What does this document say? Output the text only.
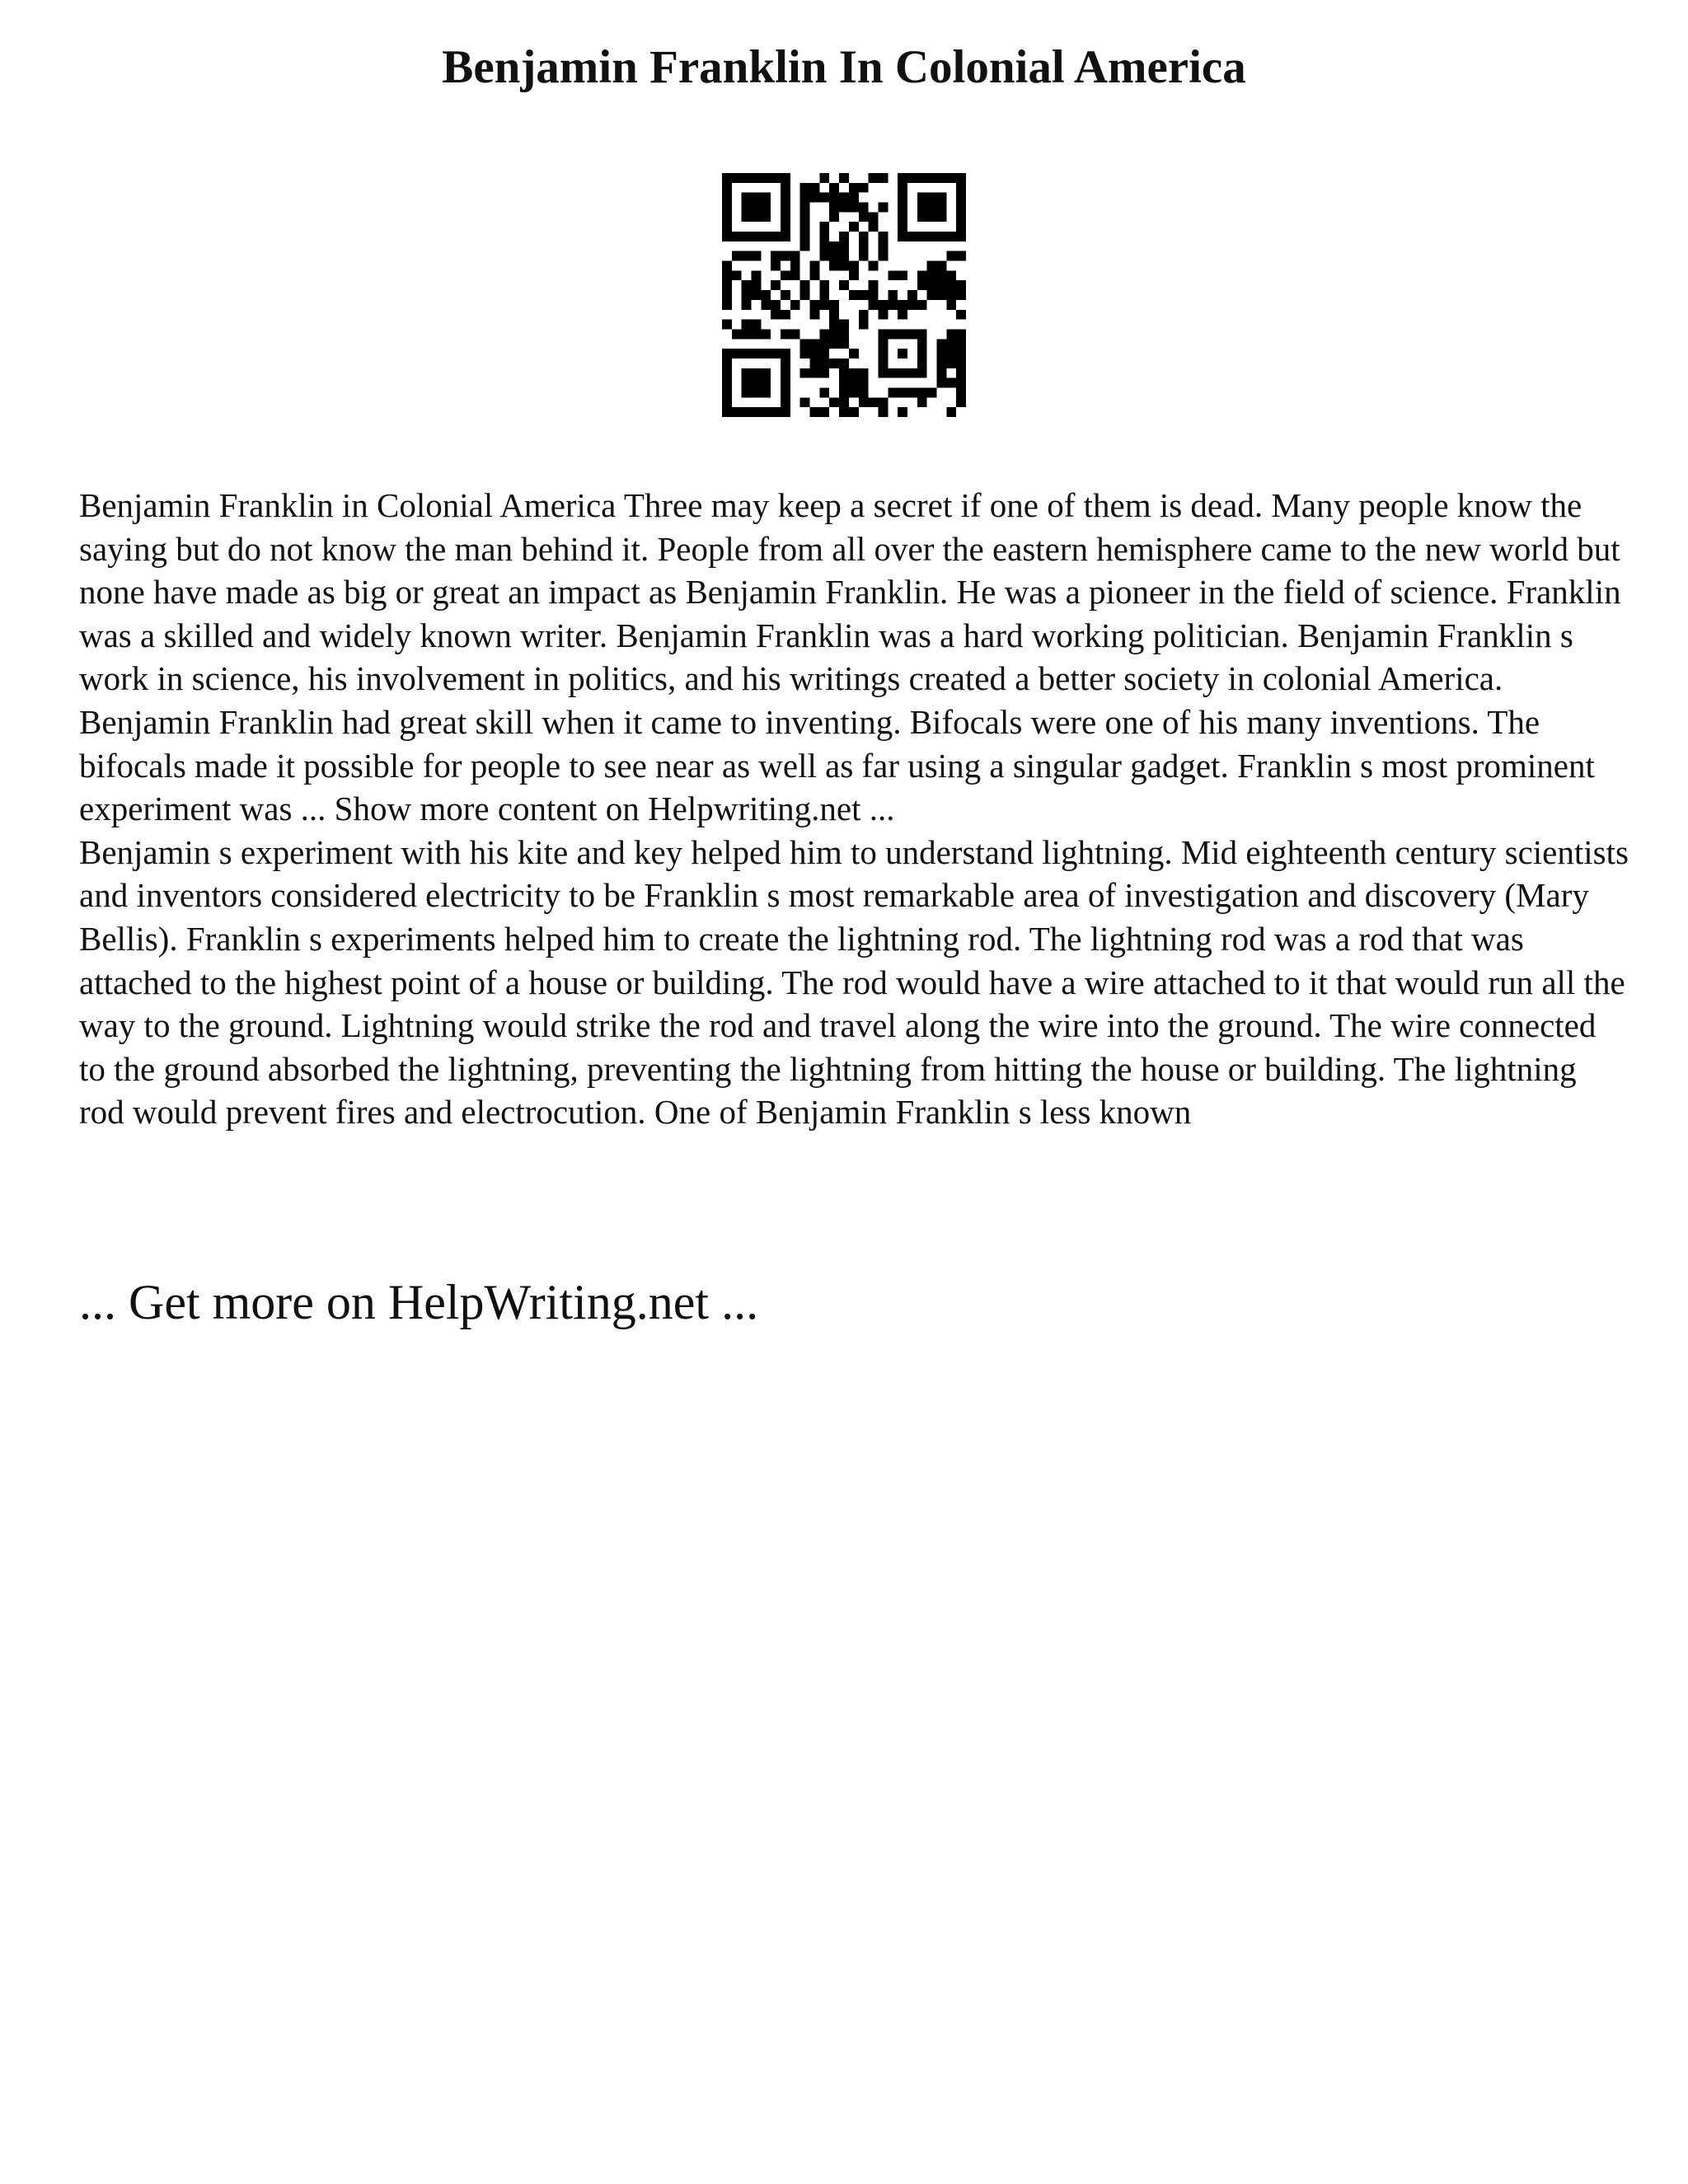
Benjamin Franklin In Colonial America

Benjamin Franklin in Colonial America Three may keep a secret if one of them is dead. Many people know the saying but do not know the man behind it. People from all over the eastern hemisphere came to the new world but none have made as big or great an impact as Benjamin Franklin. He was a pioneer in the field of science. Franklin was a skilled and widely known writer. Benjamin Franklin was a hard working politician. Benjamin Franklin s work in science, his involvement in politics, and his writings created a better society in colonial America. Benjamin Franklin had great skill when it came to inventing. Bifocals were one of his many inventions. The bifocals made it possible for people to see near as well as far using a singular gadget. Franklin s most prominent experiment was ... Show more content on Helpwriting.net ...

Benjamin s experiment with his kite and key helped him to understand lightning. Mid eighteenth century scientists and inventors considered electricity to be Franklin s most remarkable area of investigation and discovery (Mary Bellis). Franklin s experiments helped him to create the lightning rod. The lightning rod was a rod that was attached to the highest point of a house or building. The rod would have a wire attached to it that would run all the way to the ground. Lightning would strike the rod and travel along the wire into the ground. The wire connected to the ground absorbed the lightning, preventing the lightning from hitting the house or building. The lightning rod would prevent fires and electrocution. One of Benjamin Franklin s less known

... Get more on HelpWriting.net ...
